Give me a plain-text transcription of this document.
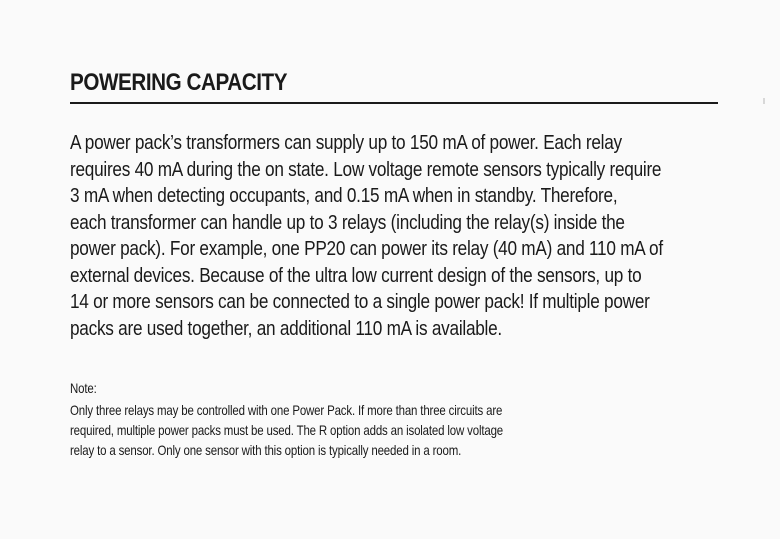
POWERING CAPACITY
A power pack’s transformers can supply up to 150 mA of power. Each relay
requires 40 mA during the on state. Low voltage remote sensors typically require
3 mA when detecting occupants, and 0.15 mA when in standby. Therefore,
each transformer can handle up to 3 relays (including the relay(s) inside the
power pack). For example, one PP20 can power its relay (40 mA) and 110 mA of
external devices. Because of the ultra low current design of the sensors, up to
14 or more sensors can be connected to a single power pack! If multiple power
packs are used together, an additional 110 mA is available.
Note:
Only three relays may be controlled with one Power Pack. If more than three circuits are
required, multiple power packs must be used. The R option adds an isolated low voltage
relay to a sensor. Only one sensor with this option is typically needed in a room.
